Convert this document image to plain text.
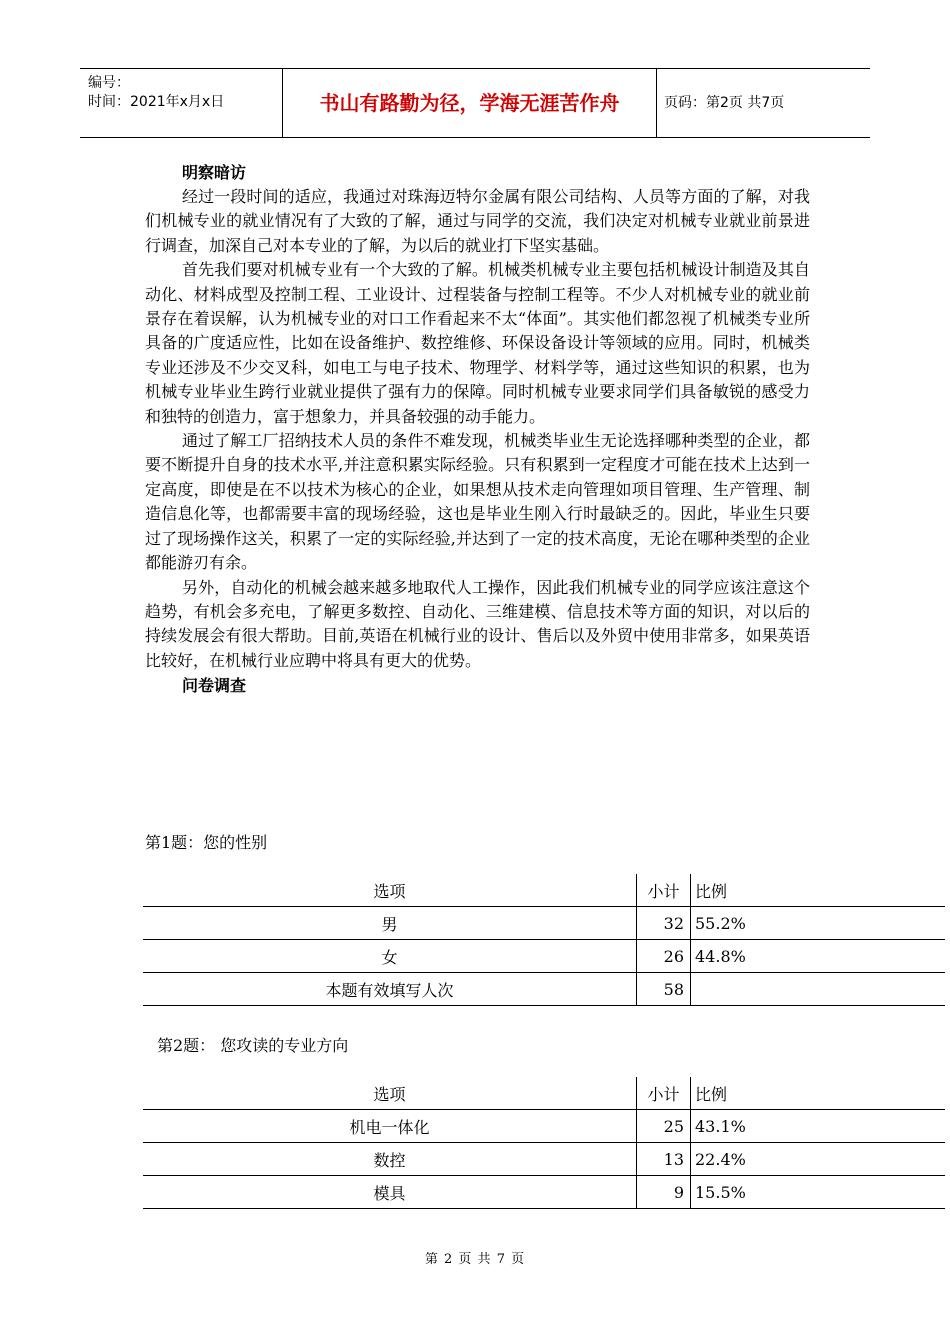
编号：
时间：2021年x月x日	书山有路勤为径，学海无涯苦作舟	页码：第2页 共7页
明察暗访

经过一段时间的适应，我通过对珠海迈特尔金属有限公司结构、人员等方面的了解，对我们机械专业的就业情况有了大致的了解，通过与同学的交流，我们决定对机械专业就业前景进行调查，加深自己对本专业的了解，为以后的就业打下坚实基础。

首先我们要对机械专业有一个大致的了解。机械类机械专业主要包括机械设计制造及其自动化、材料成型及控制工程、工业设计、过程装备与控制工程等。不少人对机械专业的就业前景存在着误解，认为机械专业的对口工作看起来不太“体面”。其实他们都忽视了机械类专业所具备的广度适应性，比如在设备维护、数控维修、环保设备设计等领域的应用。同时，机械类专业还涉及不少交叉科，如电工与电子技术、物理学、材料学等，通过这些知识的积累，也为机械专业毕业生跨行业就业提供了强有力的保障。同时机械专业要求同学们具备敏锐的感受力和独特的创造力，富于想象力，并具备较强的动手能力。

通过了解工厂招纳技术人员的条件不难发现，机械类毕业生无论选择哪种类型的企业，都要不断提升自身的技术水平,并注意积累实际经验。只有积累到一定程度才可能在技术上达到一定高度，即使是在不以技术为核心的企业，如果想从技术走向管理如项目管理、生产管理、制造信息化等，也都需要丰富的现场经验，这也是毕业生刚入行时最缺乏的。因此，毕业生只要过了现场操作这关，积累了一定的实际经验,并达到了一定的技术高度，无论在哪种类型的企业都能游刃有余。

另外，自动化的机械会越来越多地取代人工操作，因此我们机械专业的同学应该注意这个趋势，有机会多充电，了解更多数控、自动化、三维建模、信息技术等方面的知识，对以后的持续发展会有很大帮助。目前,英语在机械行业的设计、售后以及外贸中使用非常多，如果英语比较好，在机械行业应聘中将具有更大的优势。

问卷调查
第1题：您的性别
选项	小计	比例
男	32	55.2%
女	26	44.8%
本题有效填写人次	58	
第2题： 您攻读的专业方向
选项	小计	比例
机电一体化	25	43.1%
数控	13	22.4%
模具	9	15.5%
第 2 页 共 7 页
